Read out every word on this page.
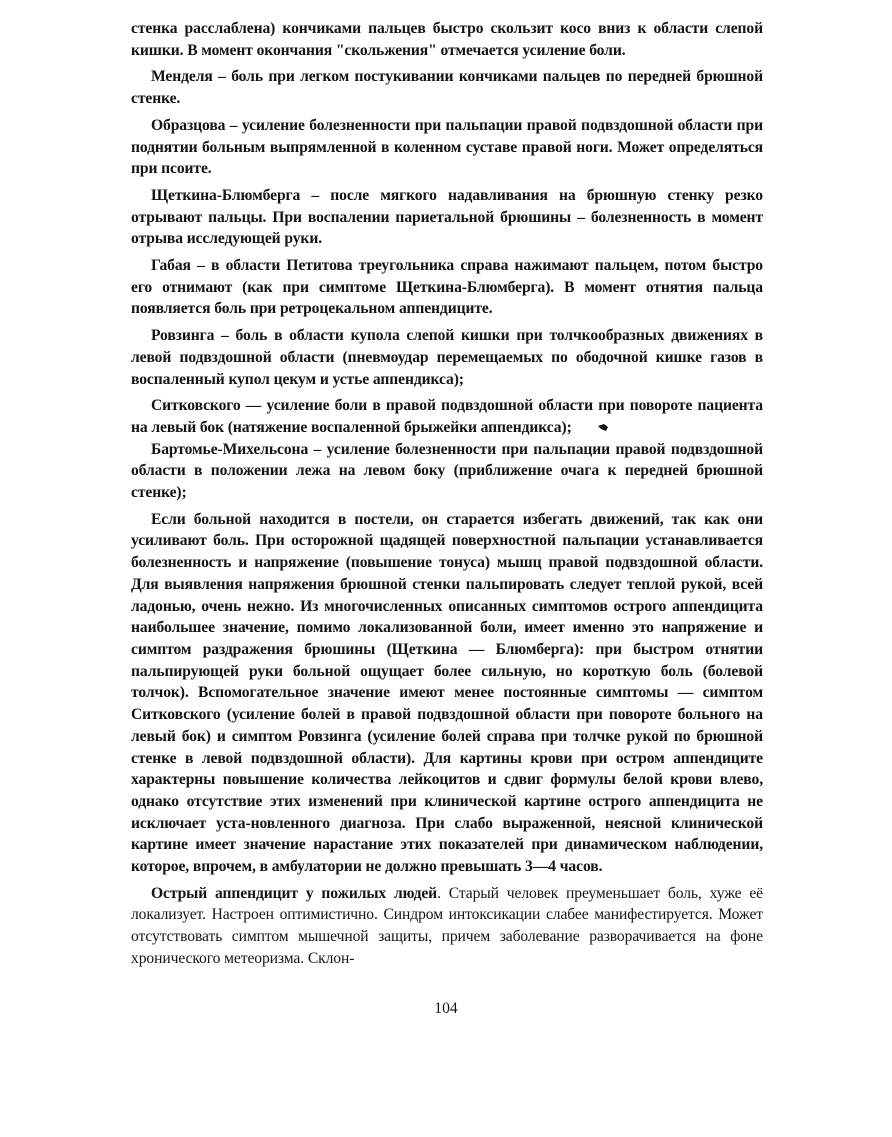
стенка расслаблена) кончиками пальцев быстро скользит косо вниз к области слепой кишки. В момент окончания "скольжения" отмечается усиление боли.

Менделя – боль при легком постукивании кончиками пальцев по передней брюшной стенке.

Образцова – усиление болезненности при пальпации правой подвздошной области при поднятии больным выпрямленной в коленном суставе правой ноги. Может определяться при псоите.

Щеткина-Блюмберга – после мягкого надавливания на брюшную стенку резко отрывают пальцы. При воспалении париетальной брюшины – болезненность в момент отрыва исследующей руки.

Габая – в области Петитова треугольника справа нажимают пальцем, потом быстро его отнимают (как при симптоме Щеткина-Блюмберга). В момент отнятия пальца появляется боль при ретроцекальном аппендиците.

Ровзинга – боль в области купола слепой кишки при толчкообразных движениях в левой подвздошной области (пневмоудар перемещаемых по ободочной кишке газов в воспаленный купол цекум и устье аппендикса);

Ситковского — усиление боли в правой подвздошной области при повороте пациента на левый бок (натяжение воспаленной брыжейки аппендикса);

Бартомье-Михельсона – усиление болезненности при пальпации правой подвздошной области в положении лежа на левом боку (приближение очага к передней брюшной стенке);

Если больной находится в постели, он старается избегать движений, так как они усиливают боль. При осторожной щадящей поверхностной пальпации устанавливается болезненность и напряжение (повышение тонуса) мышц правой подвздошной области. Для выявления напряжения брюшной стенки пальпировать следует теплой рукой, всей ладонью, очень нежно. Из многочисленных описанных симптомов острого аппендицита наибольшее значение, помимо локализованной боли, имеет именно это напряжение и симптом раздражения брюшины (Щеткина — Блюмберга): при быстром отнятии пальпирующей руки больной ощущает более сильную, но короткую боль (болевой толчок). Вспомогательное значение имеют менее постоянные симптомы — симптом Ситковского (усиление болей в правой подвздошной области при повороте больного на левый бок) и симптом Ровзинга (усиление болей справа при толчке рукой по брюшной стенке в левой подвздошной области). Для картины крови при остром аппендиците характерны повышение количества лейкоцитов и сдвиг формулы белой крови влево, однако отсутствие этих изменений при клинической картине острого аппендицита не исключает уста-новленного диагноза. При слабо выраженной, неясной клинической картине имеет значение нарастание этих показателей при динамическом наблюдении, которое, впрочем, в амбулатории не должно превышать 3—4 часов.

Острый аппендицит у пожилых людей. Старый человек преуменьшает боль, хуже её локализует. Настроен оптимистично. Синдром интоксикации слабее манифестируется. Может отсутствовать симптом мышечной защиты, причем заболевание разворачивается на фоне хронического метеоризма. Склон-

104
